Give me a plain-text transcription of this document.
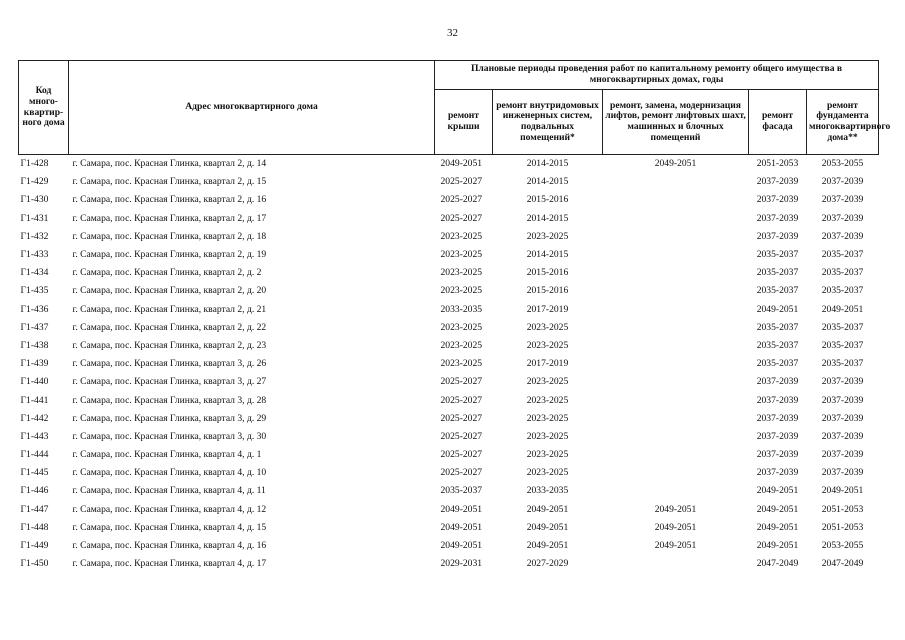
32
Код много-квартир-ного дома	Адрес многоквартирного дома	Плановые периоды проведения работ по капитальному ремонту общего имущества в многоквартирных домах, годы				
		ремонт крыши	ремонт внутридомовых инженерных систем, подвальных помещений*	ремонт, замена, модернизация лифтов, ремонт лифтовых шахт, машинных и блочных помещений	ремонт фасада	ремонт фундамента многоквартирного дома**
Г1-428	г. Самара, пос. Красная Глинка, квартал 2, д. 14	2049-2051	2014-2015	2049-2051	2051-2053	2053-2055
Г1-429	г. Самара, пос. Красная Глинка, квартал 2, д. 15	2025-2027	2014-2015		2037-2039	2037-2039
Г1-430	г. Самара, пос. Красная Глинка, квартал 2, д. 16	2025-2027	2015-2016		2037-2039	2037-2039
Г1-431	г. Самара, пос. Красная Глинка, квартал 2, д. 17	2025-2027	2014-2015		2037-2039	2037-2039
Г1-432	г. Самара, пос. Красная Глинка, квартал 2, д. 18	2023-2025	2023-2025		2037-2039	2037-2039
Г1-433	г. Самара, пос. Красная Глинка, квартал 2, д. 19	2023-2025	2014-2015		2035-2037	2035-2037
Г1-434	г. Самара, пос. Красная Глинка, квартал 2, д. 2	2023-2025	2015-2016		2035-2037	2035-2037
Г1-435	г. Самара, пос. Красная Глинка, квартал 2, д. 20	2023-2025	2015-2016		2035-2037	2035-2037
Г1-436	г. Самара, пос. Красная Глинка, квартал 2, д. 21	2033-2035	2017-2019		2049-2051	2049-2051
Г1-437	г. Самара, пос. Красная Глинка, квартал 2, д. 22	2023-2025	2023-2025		2035-2037	2035-2037
Г1-438	г. Самара, пос. Красная Глинка, квартал 2, д. 23	2023-2025	2023-2025		2035-2037	2035-2037
Г1-439	г. Самара, пос. Красная Глинка, квартал 3, д. 26	2023-2025	2017-2019		2035-2037	2035-2037
Г1-440	г. Самара, пос. Красная Глинка, квартал 3, д. 27	2025-2027	2023-2025		2037-2039	2037-2039
Г1-441	г. Самара, пос. Красная Глинка, квартал 3, д. 28	2025-2027	2023-2025		2037-2039	2037-2039
Г1-442	г. Самара, пос. Красная Глинка, квартал 3, д. 29	2025-2027	2023-2025		2037-2039	2037-2039
Г1-443	г. Самара, пос. Красная Глинка, квартал 3, д. 30	2025-2027	2023-2025		2037-2039	2037-2039
Г1-444	г. Самара, пос. Красная Глинка, квартал 4, д. 1	2025-2027	2023-2025		2037-2039	2037-2039
Г1-445	г. Самара, пос. Красная Глинка, квартал 4, д. 10	2025-2027	2023-2025		2037-2039	2037-2039
Г1-446	г. Самара, пос. Красная Глинка, квартал 4, д. 11	2035-2037	2033-2035		2049-2051	2049-2051
Г1-447	г. Самара, пос. Красная Глинка, квартал 4, д. 12	2049-2051	2049-2051	2049-2051	2049-2051	2051-2053
Г1-448	г. Самара, пос. Красная Глинка, квартал 4, д. 15	2049-2051	2049-2051	2049-2051	2049-2051	2051-2053
Г1-449	г. Самара, пос. Красная Глинка, квартал 4, д. 16	2049-2051	2049-2051	2049-2051	2049-2051	2053-2055
Г1-450	г. Самара, пос. Красная Глинка, квартал 4, д. 17	2029-2031	2027-2029		2047-2049	2047-2049
